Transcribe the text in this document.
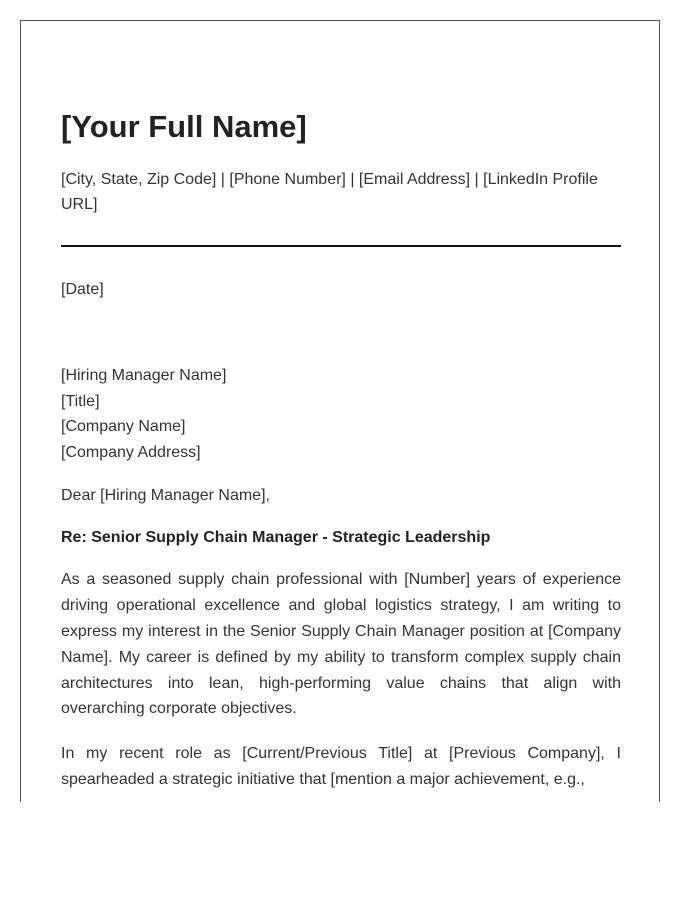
[Your Full Name]
[City, State, Zip Code] | [Phone Number] | [Email Address] | [LinkedIn Profile URL]
[Date]
[Hiring Manager Name]
[Title]
[Company Name]
[Company Address]
Dear [Hiring Manager Name],
Re: Senior Supply Chain Manager - Strategic Leadership

As a seasoned supply chain professional with [Number] years of experience driving operational excellence and global logistics strategy, I am writing to express my interest in the Senior Supply Chain Manager position at [Company Name]. My career is defined by my ability to transform complex supply chain architectures into lean, high-performing value chains that align with overarching corporate objectives.

In my recent role as [Current/Previous Title] at [Previous Company], I spearheaded a strategic initiative that [mention a major achievement, e.g.,
